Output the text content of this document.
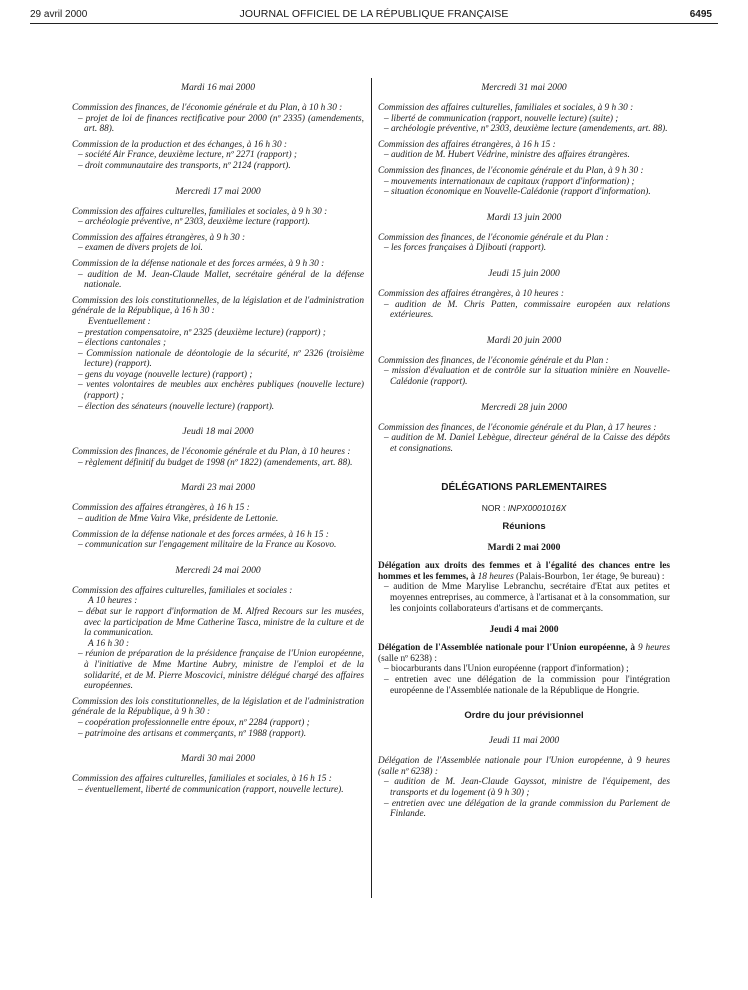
29 avril 2000	JOURNAL OFFICIEL DE LA RÉPUBLIQUE FRANÇAISE	6495
Mardi 16 mai 2000
Commission des finances, de l'économie générale et du Plan, à 10 h 30 :
– projet de loi de finances rectificative pour 2000 (nº 2335) (amendements, art. 88).
Commission de la production et des échanges, à 16 h 30 :
– société Air France, deuxième lecture, nº 2271 (rapport) ;
– droit communautaire des transports, nº 2124 (rapport).
Mercredi 17 mai 2000
Commission des affaires culturelles, familiales et sociales, à 9 h 30 :
– archéologie préventive, nº 2303, deuxième lecture (rapport).
Commission des affaires étrangères, à 9 h 30 :
– examen de divers projets de loi.
Commission de la défense nationale et des forces armées, à 9 h 30 :
– audition de M. Jean-Claude Mallet, secrétaire général de la défense nationale.
Commission des lois constitutionnelles, de la législation et de l'administration générale de la République, à 16 h 30 :
Eventuellement :
– prestation compensatoire, nº 2325 (deuxième lecture) (rapport) ;
– élections cantonales ;
– Commission nationale de déontologie de la sécurité, nº 2326 (troisième lecture) (rapport).
– gens du voyage (nouvelle lecture) (rapport) ;
– ventes volontaires de meubles aux enchères publiques (nouvelle lecture) (rapport) ;
– élection des sénateurs (nouvelle lecture) (rapport).
Jeudi 18 mai 2000
Commission des finances, de l'économie générale et du Plan, à 10 heures :
– règlement définitif du budget de 1998 (nº 1822) (amendements, art. 88).
Mardi 23 mai 2000
Commission des affaires étrangères, à 16 h 15 :
– audition de Mme Vaira Vike, présidente de Lettonie.
Commission de la défense nationale et des forces armées, à 16 h 15 :
– communication sur l'engagement militaire de la France au Kosovo.
Mercredi 24 mai 2000
Commission des affaires culturelles, familiales et sociales :
A 10 heures :
– débat sur le rapport d'information de M. Alfred Recours sur les musées, avec la participation de Mme Catherine Tasca, ministre de la culture et de la communication.
A 16 h 30 :
– réunion de préparation de la présidence française de l'Union européenne, à l'initiative de Mme Martine Aubry, ministre de l'emploi et de la solidarité, et de M. Pierre Moscovici, ministre délégué chargé des affaires européennes.
Commission des lois constitutionnelles, de la législation et de l'administration générale de la République, à 9 h 30 :
– coopération professionnelle entre époux, nº 2284 (rapport) ;
– patrimoine des artisans et commerçants, nº 1988 (rapport).
Mardi 30 mai 2000
Commission des affaires culturelles, familiales et sociales, à 16 h 15 :
– éventuellement, liberté de communication (rapport, nouvelle lecture).
Mercredi 31 mai 2000
Commission des affaires culturelles, familiales et sociales, à 9 h 30 :
– liberté de communication (rapport, nouvelle lecture) (suite) ;
– archéologie préventive, nº 2303, deuxième lecture (amendements, art. 88).
Commission des affaires étrangères, à 16 h 15 :
– audition de M. Hubert Védrine, ministre des affaires étrangères.
Commission des finances, de l'économie générale et du Plan, à 9 h 30 :
– mouvements internationaux de capitaux (rapport d'information) ;
– situation économique en Nouvelle-Calédonie (rapport d'information).
Mardi 13 juin 2000
Commission des finances, de l'économie générale et du Plan :
– les forces françaises à Djibouti (rapport).
Jeudi 15 juin 2000
Commission des affaires étrangères, à 10 heures :
– audition de M. Chris Patten, commissaire européen aux relations extérieures.
Mardi 20 juin 2000
Commission des finances, de l'économie générale et du Plan :
– mission d'évaluation et de contrôle sur la situation minière en Nouvelle-Calédonie (rapport).
Mercredi 28 juin 2000
Commission des finances, de l'économie générale et du Plan, à 17 heures :
– audition de M. Daniel Lebègue, directeur général de la Caisse des dépôts et consignations.
DÉLÉGATIONS PARLEMENTAIRES
NOR : INPX0001016X
Réunions
Mardi 2 mai 2000
Délégation aux droits des femmes et à l'égalité des chances entre les hommes et les femmes, à 18 heures (Palais-Bourbon, 1er étage, 9e bureau) :
– audition de Mme Marylise Lebranchu, secrétaire d'Etat aux petites et moyennes entreprises, au commerce, à l'artisanat et à la consommation, sur les conjoints collaborateurs d'artisans et de commerçants.
Jeudi 4 mai 2000
Délégation de l'Assemblée nationale pour l'Union européenne, à 9 heures (salle nº 6238) :
– biocarburants dans l'Union européenne (rapport d'information) ;
– entretien avec une délégation de la commission pour l'intégration européenne de l'Assemblée nationale de la République de Hongrie.
Ordre du jour prévisionnel
Jeudi 11 mai 2000
Délégation de l'Assemblée nationale pour l'Union européenne, à 9 heures (salle nº 6238) :
– audition de M. Jean-Claude Gayssot, ministre de l'équipement, des transports et du logement (à 9 h 30) ;
– entretien avec une délégation de la grande commission du Parlement de Finlande.
